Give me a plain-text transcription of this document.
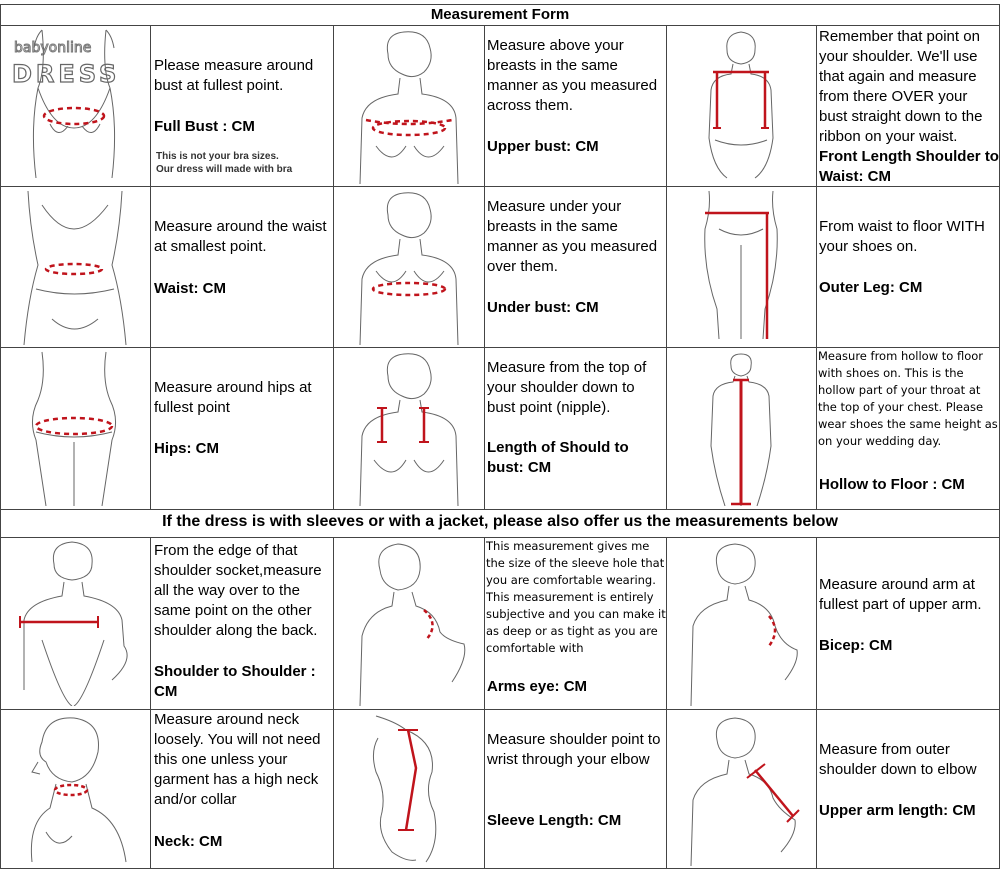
Measurement Form
If the dress is with sleeves or with a jacket, please also offer us the measurements below
babyonline
DRESS Please measure around bust at fullest point.
Full Bust : CM
This is not your bra sizes.
Our dress will made with bra
Measure above your breasts in the same manner as you measured across them.
Upper bust: CM
Remember that point on your shoulder. We'll use that again and measure from there OVER your bust straight down to the ribbon on your waist.
Front Length Shoulder to Waist: CM
Measure around the waist at smallest point.
Waist: CM
Measure under your breasts in the same manner as you measured over them.
Under bust: CM
From waist to floor WITH your shoes on.
Outer Leg: CM
Measure around hips at fullest point
Hips: CM
Measure from the top of your shoulder down to bust point (nipple).
Length of Should to bust: CM
Measure from hollow to floor with shoes on. This is the hollow part of your throat at the top of your chest. Please wear shoes the same height as on your wedding day.
Hollow to Floor : CM
From the edge of that shoulder socket,measure all the way over to the same point on the other shoulder along the back.
Shoulder to Shoulder : CM
This measurement gives me the size of the sleeve hole that you are comfortable wearing. This measurement is entirely subjective and you can make it as deep or as tight as you are comfortable with
Arms eye: CM
Measure around arm at fullest part of upper arm.
Bicep: CM
Measure around neck loosely. You will not need this one unless your garment has a high neck and/or collar
Neck: CM
Measure shoulder point to wrist through your elbow
Sleeve Length: CM
Measure from outer shoulder down to elbow
Upper arm length: CM
